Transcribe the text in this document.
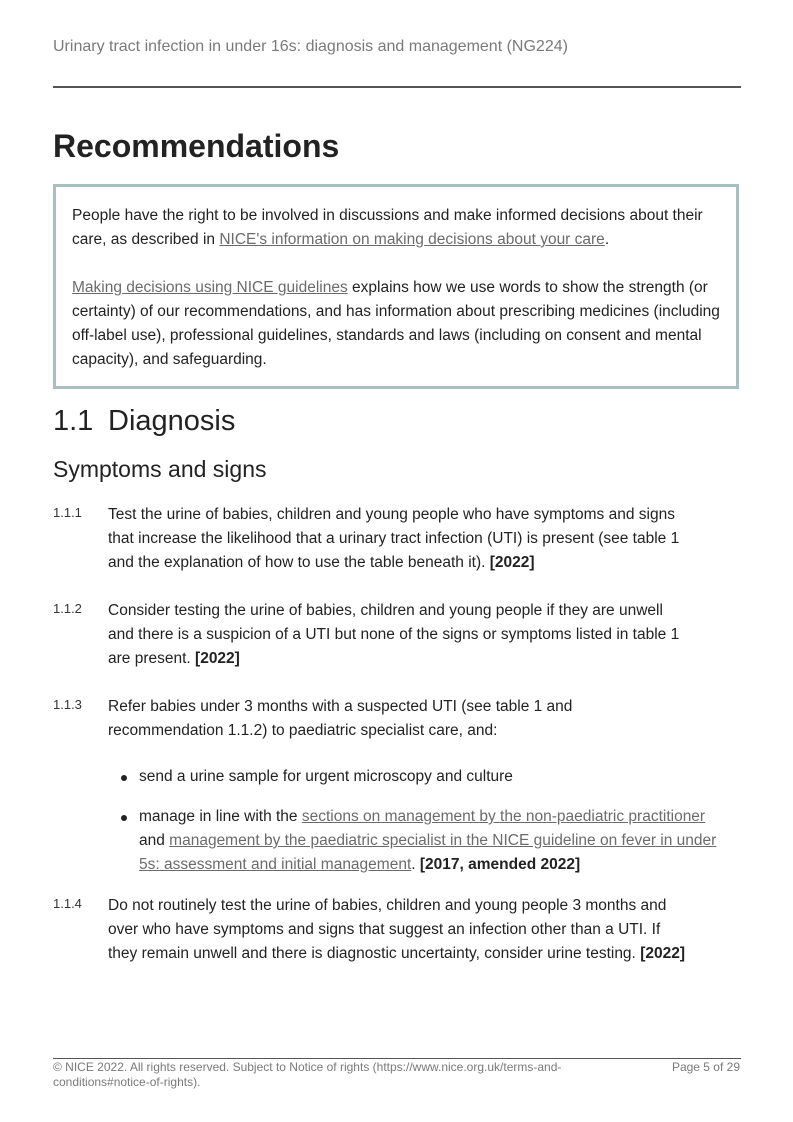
Urinary tract infection in under 16s: diagnosis and management (NG224)
Recommendations

People have the right to be involved in discussions and make informed decisions about their care, as described in NICE's information on making decisions about your care.

Making decisions using NICE guidelines explains how we use words to show the strength (or certainty) of our recommendations, and has information about prescribing medicines (including off-label use), professional guidelines, standards and laws (including on consent and mental capacity), and safeguarding.

1.1 Diagnosis
Symptoms and signs
1.1.1 Test the urine of babies, children and young people who have symptoms and signs that increase the likelihood that a urinary tract infection (UTI) is present (see table 1 and the explanation of how to use the table beneath it). [2022]

1.1.2 Consider testing the urine of babies, children and young people if they are unwell and there is a suspicion of a UTI but none of the signs or symptoms listed in table 1 are present. [2022]

1.1.3 Refer babies under 3 months with a suspected UTI (see table 1 and recommendation 1.1.2) to paediatric specialist care, and:

send a urine sample for urgent microscopy and culture
manage in line with the sections on management by the non-paediatric practitioner and management by the paediatric specialist in the NICE guideline on fever in under 5s: assessment and initial management. [2017, amended 2022]
1.1.4 Do not routinely test the urine of babies, children and young people 3 months and over who have symptoms and signs that suggest an infection other than a UTI. If they remain unwell and there is diagnostic uncertainty, consider urine testing. [2022]

© NICE 2022. All rights reserved. Subject to Notice of rights (https://www.nice.org.uk/terms-and-conditions#notice-of-rights).

Page 5 of 29
